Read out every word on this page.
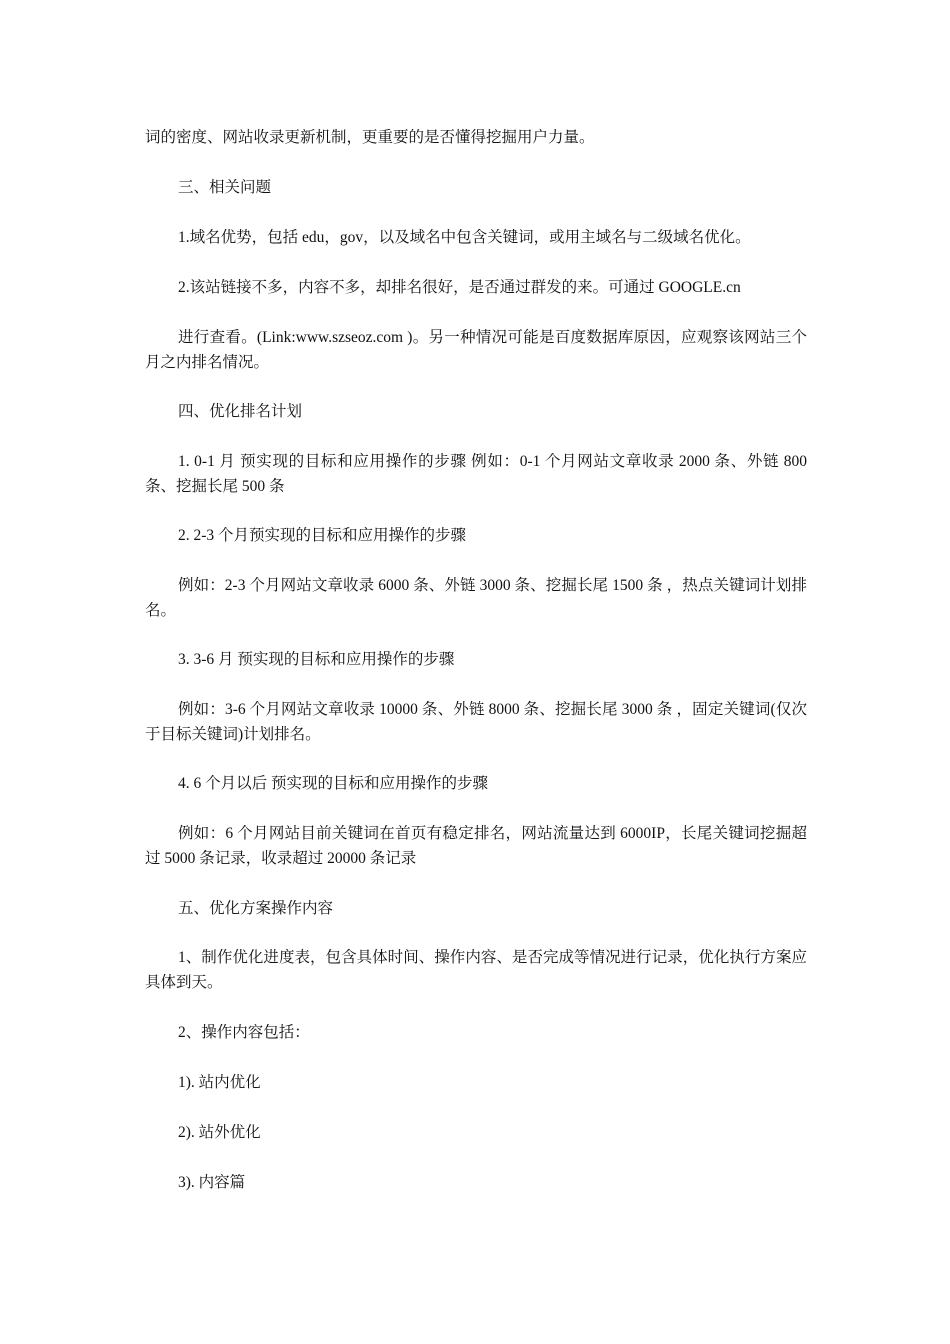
词的密度、网站收录更新机制，更重要的是否懂得挖掘用户力量。
三、相关问题
1.域名优势，包括 edu，gov，以及域名中包含关键词，或用主域名与二级域名优化。
2.该站链接不多，内容不多，却排名很好，是否通过群发的来。可通过 GOOGLE.cn
进行查看。(Link:www.szseoz.com )。另一种情况可能是百度数据库原因，应观察该网站三个月之内排名情况。
四、优化排名计划
1. 0-1 月 预实现的目标和应用操作的步骤 例如：0-1 个月网站文章收录 2000 条、外链 800 条、挖掘长尾 500 条
2. 2-3 个月预实现的目标和应用操作的步骤
例如：2-3 个月网站文章收录 6000 条、外链 3000 条、挖掘长尾 1500 条 ，热点关键词计划排名。
3. 3-6 月 预实现的目标和应用操作的步骤
例如：3-6 个月网站文章收录 10000 条、外链 8000 条、挖掘长尾 3000 条 ，固定关键词(仅次于目标关键词)计划排名。
4. 6 个月以后 预实现的目标和应用操作的步骤
例如：6 个月网站目前关键词在首页有稳定排名，网站流量达到 6000IP，长尾关键词挖掘超过 5000 条记录，收录超过 20000 条记录
五、优化方案操作内容
1、制作优化进度表，包含具体时间、操作内容、是否完成等情况进行记录，优化执行方案应具体到天。
2、操作内容包括：
1). 站内优化
2). 站外优化
3). 内容篇
